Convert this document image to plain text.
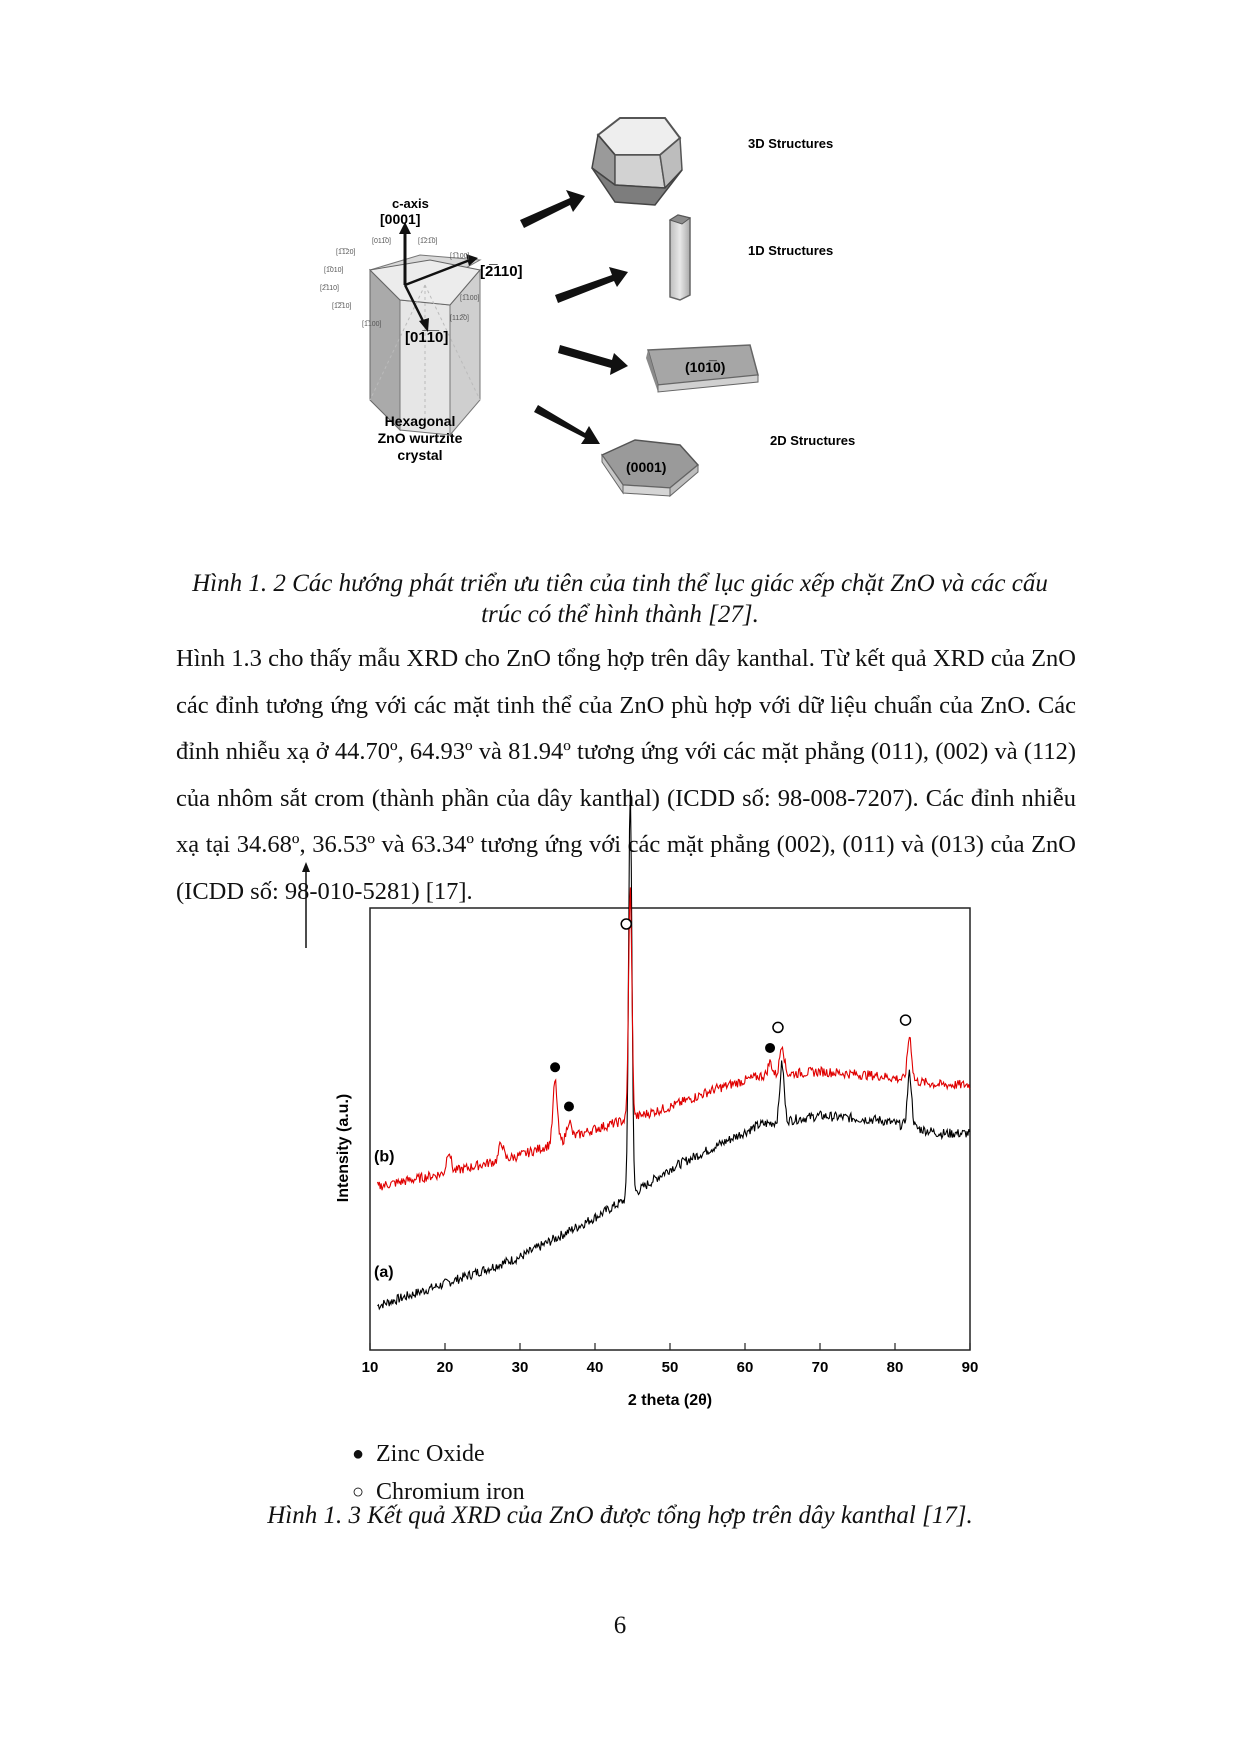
c-axis
[0001]
[2̅̅110]
[01̅1̅0]
[011̅0]	[1̅21̅0]
[1̅1̅20]
[1̅100]
[1̅010]
[2̅110]
[1̅100]
[1̅2̅10]
[1̅100]
[112̅0]
Hexagonal
ZnO wurtzite
crystal
3D Structures
1D Structures
(101̅0)
(0001)
2D Structures
Hình 1. 2 Các hướng phát triển ưu tiên của tinh thể lục giác xếp chặt ZnO và các cấu trúc có thể hình thành [27].

Hình 1.3 cho thấy mẫu XRD cho ZnO tổng hợp trên dây kanthal. Từ kết quả XRD của ZnO các đỉnh tương ứng với các mặt tinh thể của ZnO phù hợp với dữ liệu chuẩn của ZnO. Các đỉnh nhiễu xạ ở 44.70º, 64.93º và 81.94º tương ứng với các mặt phẳng (011), (002) và (112) của nhôm sắt crom (thành phần của dây kanthal) (ICDD số: 98-008-7207). Các đỉnh nhiễu xạ tại 34.68º, 36.53º và 63.34º tương ứng với các mặt phẳng (002), (011) và (013) của ZnO (ICDD số: 98-010-5281) [17].

10	20	30	40	50	60	70	80	90
2 theta (2θ)
Intensity (a.u.) (b)
(a)
● Zinc Oxide
○ Chromium iron
Hình 1. 3 Kết quả XRD của ZnO được tổng hợp trên dây kanthal [17].
6
